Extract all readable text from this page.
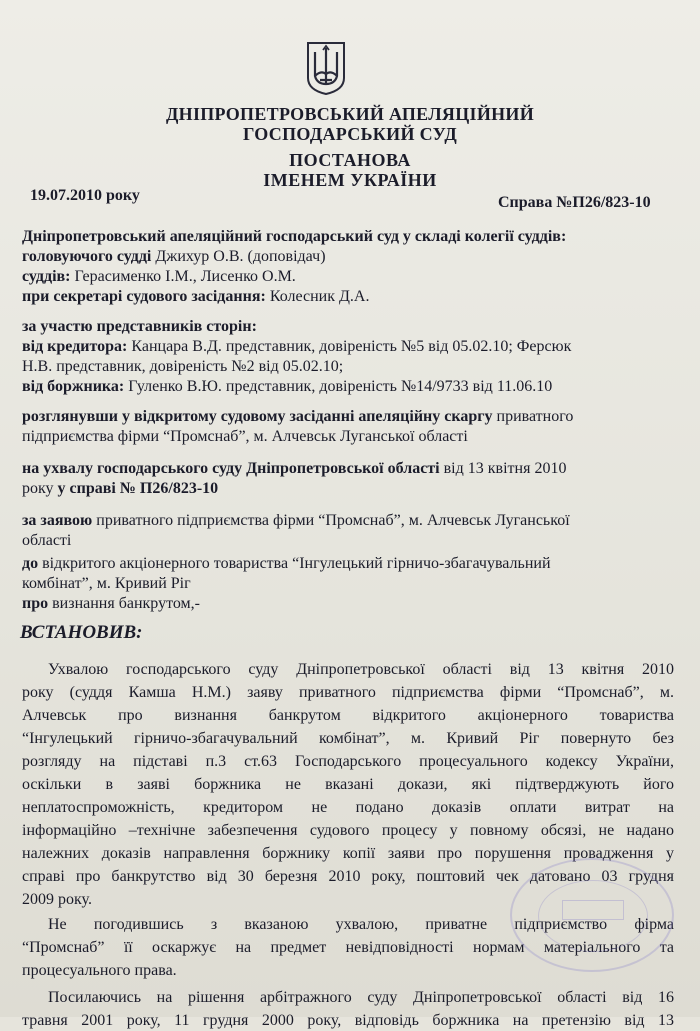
ДНІПРОПЕТРОВСЬКИЙ АПЕЛЯЦІЙНИЙ
ГОСПОДАРСЬКИЙ СУД
ПОСТАНОВА
ІМЕНЕМ УКРАЇНИ
19.07.2010 року	Справа №П26/823-10
Дніпропетровський апеляційний господарський суд у складі колегії суддів:
головуючого судді Джихур О.В. (доповідач)
суддів: Герасименко І.М., Лисенко О.М.
при секретарі судового засідання: Колесник Д.А.
за участю представників сторін:
від кредитора: Канцара В.Д. представник, довіреність №5 від 05.02.10; Ферсюк
Н.В. представник, довіреність №2 від 05.02.10;
від боржника: Гуленко В.Ю. представник, довіреність №14/9733 від 11.06.10
розглянувши у відкритому судовому засіданні апеляційну скаргу приватного
підприємства фірми “Промснаб”, м. Алчевськ Луганської області
на ухвалу господарського суду Дніпропетровської області від 13 квітня 2010
року у справі № П26/823-10
за заявою приватного підприємства фірми “Промснаб”, м. Алчевськ Луганської
області
до відкритого акціонерного товариства “Інгулецький гірничо-збагачувальний
комбінат”, м. Кривий Ріг
про визнання банкрутом,-
ВСТАНОВИВ:
Ухвалою господарського суду Дніпропетровської області від 13 квітня 2010
року (суддя Камша Н.М.) заяву приватного підприємства фірми “Промснаб”, м.
Алчевськ про визнання банкрутом відкритого акціонерного товариства
“Інгулецький гірничо-збагачувальний комбінат”, м. Кривий Ріг повернуто без
розгляду на підставі п.3 ст.63 Господарського процесуального кодексу України,
оскільки в заяві боржника не вказані докази, які підтверджують його
неплатоспроможність, кредитором не подано доказів оплати витрат на
інформаційно –технічне забезпечення судового процесу у повному обсязі, не надано
належних доказів направлення боржнику копії заяви про порушення провадження у
справі про банкрутство від 30 березня 2010 року, поштовий чек датовано 03 грудня
2009 року.
Не погодившись з вказаною ухвалою, приватне підприємство фірма
“Промснаб” її оскаржує на предмет невідповідності нормам матеріального та
процесуального права.
Посилаючись на рішення арбітражного суду Дніпропетровської області від 16
травня 2001 року, 11 грудня 2000 року, відповідь боржника на претензію від 13
